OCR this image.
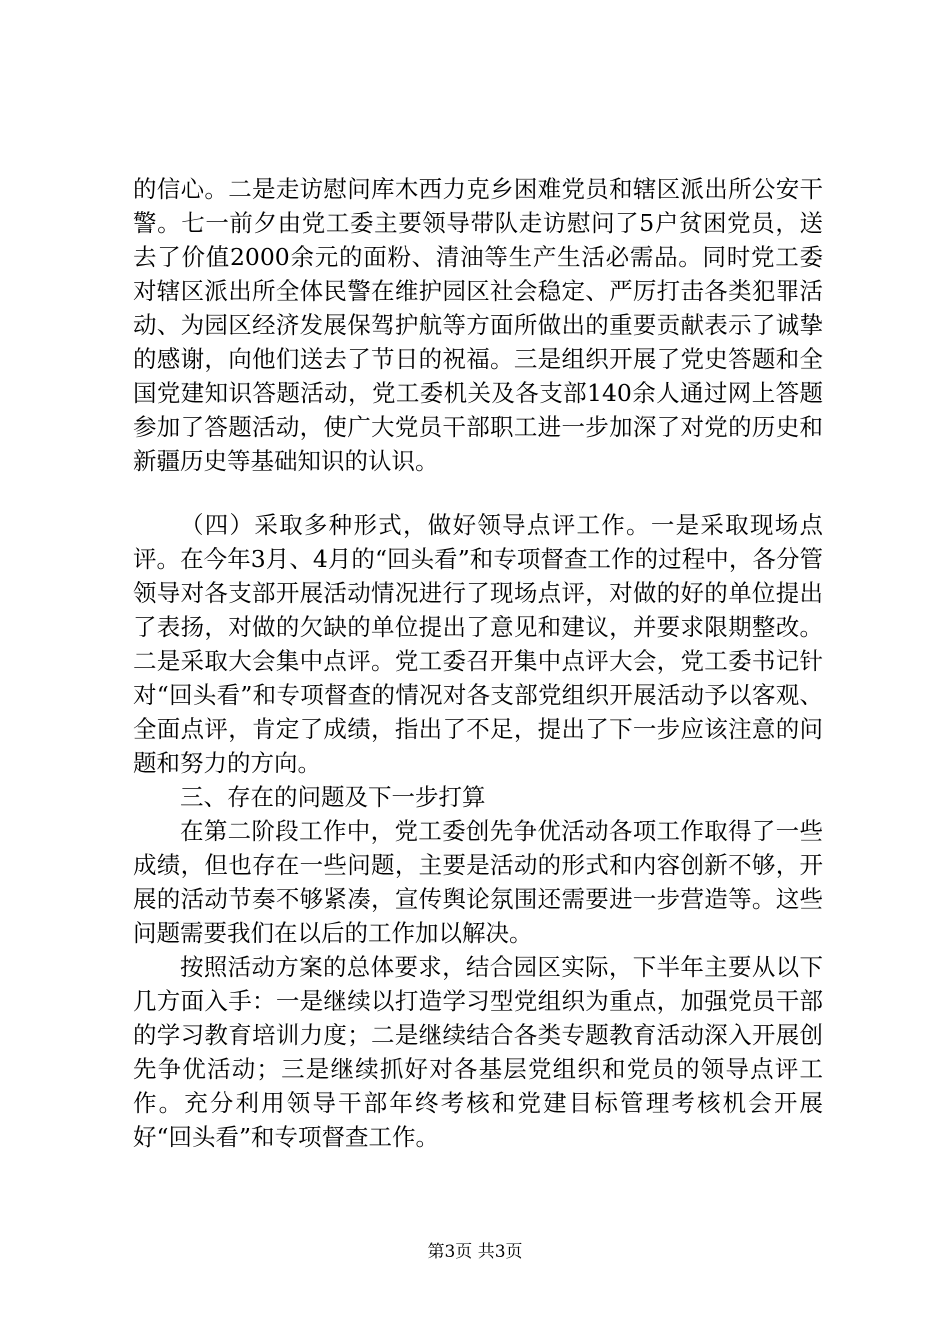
的信心。二是走访慰问库木西力克乡困难党员和辖区派出所公安干警。七一前夕由党工委主要领导带队走访慰问了5户贫困党员，送去了价值2000余元的面粉、清油等生产生活必需品。同时党工委对辖区派出所全体民警在维护园区社会稳定、严厉打击各类犯罪活动、为园区经济发展保驾护航等方面所做出的重要贡献表示了诚挚的感谢，向他们送去了节日的祝福。三是组织开展了党史答题和全国党建知识答题活动，党工委机关及各支部140余人通过网上答题参加了答题活动，使广大党员干部职工进一步加深了对党的历史和新疆历史等基础知识的认识。

（四）采取多种形式，做好领导点评工作。一是采取现场点评。在今年3月、4月的“回头看”和专项督查工作的过程中，各分管领导对各支部开展活动情况进行了现场点评，对做的好的单位提出了表扬，对做的欠缺的单位提出了意见和建议，并要求限期整改。二是采取大会集中点评。党工委召开集中点评大会，党工委书记针对“回头看”和专项督查的情况对各支部党组织开展活动予以客观、全面点评，肯定了成绩，指出了不足，提出了下一步应该注意的问题和努力的方向。

三、存在的问题及下一步打算

在第二阶段工作中，党工委创先争优活动各项工作取得了一些成绩，但也存在一些问题，主要是活动的形式和内容创新不够，开展的活动节奏不够紧凑，宣传舆论氛围还需要进一步营造等。这些问题需要我们在以后的工作加以解决。

按照活动方案的总体要求，结合园区实际，下半年主要从以下几方面入手：一是继续以打造学习型党组织为重点，加强党员干部的学习教育培训力度；二是继续结合各类专题教育活动深入开展创先争优活动；三是继续抓好对各基层党组织和党员的领导点评工作。充分利用领导干部年终考核和党建目标管理考核机会开展好“回头看”和专项督查工作。

第3页 共3页
